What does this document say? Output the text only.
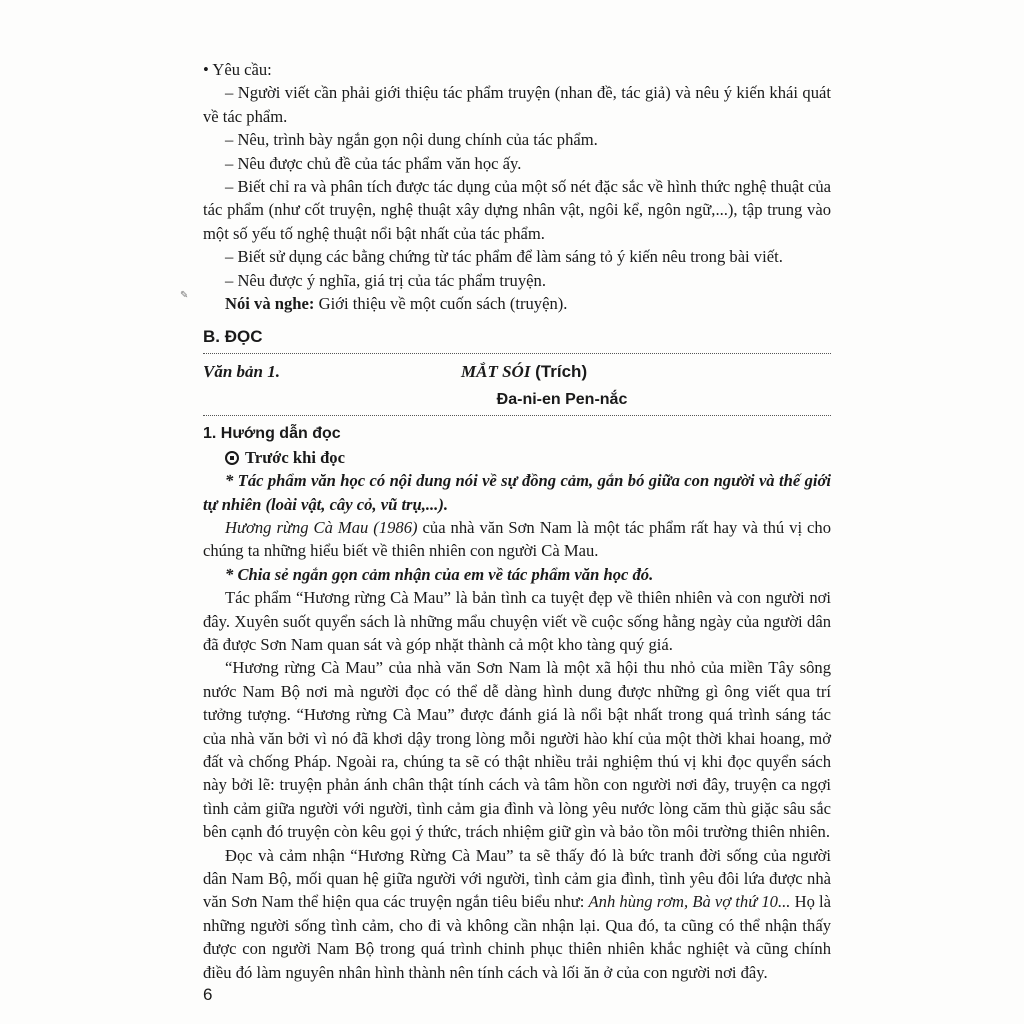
✎

• Yêu cầu:

– Người viết cần phải giới thiệu tác phẩm truyện (nhan đề, tác giả) và nêu ý kiến khái quát về tác phẩm.

– Nêu, trình bày ngắn gọn nội dung chính của tác phẩm.

– Nêu được chủ đề của tác phẩm văn học ấy.

– Biết chỉ ra và phân tích được tác dụng của một số nét đặc sắc về hình thức nghệ thuật của tác phẩm (như cốt truyện, nghệ thuật xây dựng nhân vật, ngôi kể, ngôn ngữ,...), tập trung vào một số yếu tố nghệ thuật nổi bật nhất của tác phẩm.

– Biết sử dụng các bằng chứng từ tác phẩm để làm sáng tỏ ý kiến nêu trong bài viết.

– Nêu được ý nghĩa, giá trị của tác phẩm truyện.

Nói và nghe: Giới thiệu về một cuốn sách (truyện).

B. ĐỌC
Văn bản 1.	MẮT SÓI (Trích)
Đa-ni-en Pen-nắc
1. Hướng dẫn đọc
Trước khi đọc

* Tác phẩm văn học có nội dung nói về sự đồng cảm, gắn bó giữa con người và thế giới tự nhiên (loài vật, cây cỏ, vũ trụ,...).

Hương rừng Cà Mau (1986) của nhà văn Sơn Nam là một tác phẩm rất hay và thú vị cho chúng ta những hiểu biết về thiên nhiên con người Cà Mau.

* Chia sẻ ngắn gọn cảm nhận của em về tác phẩm văn học đó.

Tác phẩm “Hương rừng Cà Mau” là bản tình ca tuyệt đẹp về thiên nhiên và con người nơi đây. Xuyên suốt quyển sách là những mẩu chuyện viết về cuộc sống hằng ngày của người dân đã được Sơn Nam quan sát và góp nhặt thành cả một kho tàng quý giá.

“Hương rừng Cà Mau” của nhà văn Sơn Nam là một xã hội thu nhỏ của miền Tây sông nước Nam Bộ nơi mà người đọc có thể dễ dàng hình dung được những gì ông viết qua trí tưởng tượng. “Hương rừng Cà Mau” được đánh giá là nổi bật nhất trong quá trình sáng tác của nhà văn bởi vì nó đã khơi dậy trong lòng mỗi người hào khí của một thời khai hoang, mở đất và chống Pháp. Ngoài ra, chúng ta sẽ có thật nhiều trải nghiệm thú vị khi đọc quyển sách này bởi lẽ: truyện phản ánh chân thật tính cách và tâm hồn con người nơi đây, truyện ca ngợi tình cảm giữa người với người, tình cảm gia đình và lòng yêu nước lòng căm thù giặc sâu sắc bên cạnh đó truyện còn kêu gọi ý thức, trách nhiệm giữ gìn và bảo tồn môi trường thiên nhiên.

Đọc và cảm nhận “Hương Rừng Cà Mau” ta sẽ thấy đó là bức tranh đời sống của người dân Nam Bộ, mối quan hệ giữa người với người, tình cảm gia đình, tình yêu đôi lứa được nhà văn Sơn Nam thể hiện qua các truyện ngắn tiêu biểu như: Anh hùng rơm, Bà vợ thứ 10... Họ là những người sống tình cảm, cho đi và không cần nhận lại. Qua đó, ta cũng có thể nhận thấy được con người Nam Bộ trong quá trình chinh phục thiên nhiên khắc nghiệt và cũng chính điều đó làm nguyên nhân hình thành nên tính cách và lối ăn ở của con người nơi đây.

6
